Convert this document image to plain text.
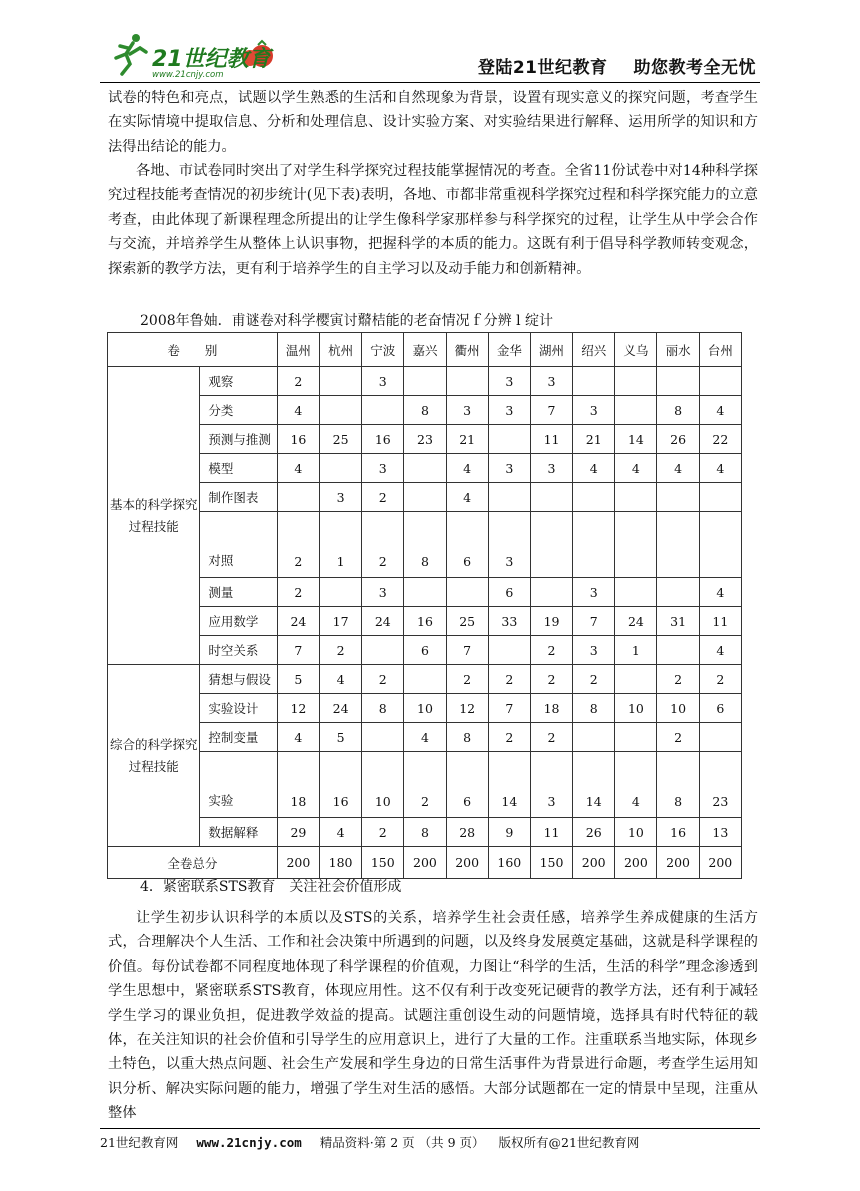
21世纪教育
www.21cnjy.com	登陆21世纪教育 助您教考全无忧

试卷的特色和亮点，试题以学生熟悉的生活和自然现象为背景，设置有现实意义的探究问题，考查学生在实际情境中提取信息、分析和处理信息、设计实验方案、对实验结果进行解释、运用所学的知识和方法得出结论的能力。

各地、市试卷同时突出了对学生科学探究过程技能掌握情况的考查。全省11份试卷中对14种科学探究过程技能考查情况的初步统计(见下表)表明，各地、市都非常重视科学探究过程和科学探究能力的立意考查，由此体现了新课程理念所提出的让学生像科学家那样参与科学探究的过程，让学生从中学会合作与交流，并培养学生从整体上认识事物，把握科学的本质的能力。这既有利于倡导科学教师转变观念，探索新的教学方法，更有利于培养学生的自主学习以及动手能力和创新精神。

2008年鲁妯．甫谜卷对科学樱寅讨鼘桔能的老奋情况ｆ分辨 l 绽计
卷　　别		温州	杭州	宁波	嘉兴	衢州	金华	湖州	绍兴	义乌	丽水	台州
基本的科学探究过程技能	观察	2		3			3	3				
	分类	4			8	3	3	7	3		8	4
	预测与推测	16	25	16	23	21		11	21	14	26	22
	模型	4		3		4	3	3	4	4	4	4
	制作图表		3	2		4						
	对照	2	1	2	8	6	3					
	测量	2		3			6		3			4
	应用数学	24	17	24	16	25	33	19	7	24	31	11
	时空关系	7	2		6	7		2	3	1		4
综合的科学探究过程技能	猜想与假设	5	4	2		2	2	2	2		2	2
	实验设计	12	24	8	10	12	7	18	8	10	10	6
	控制变量	4	5		4	8	2	2			2	
	实验	18	16	10	2	6	14	3	14	4	8	23
	数据解释	29	4	2	8	28	9	11	26	10	16	13
全卷总分		200	180	150	200	200	160	150	200	200	200	200
4．紧密联系STS教育　关注社会价值形成

让学生初步认识科学的本质以及STS的关系，培养学生社会责任感，培养学生养成健康的生活方式，合理解决个人生活、工作和社会决策中所遇到的问题，以及终身发展奠定基础，这就是科学课程的价值。每份试卷都不同程度地体现了科学课程的价值观，力图让“科学的生活，生活的科学”理念渗透到学生思想中，紧密联系STS教育，体现应用性。这不仅有利于改变死记硬背的教学方法，还有利于减轻学生学习的课业负担，促进教学效益的提高。试题注重创设生动的问题情境，选择具有时代特征的载体，在关注知识的社会价值和引导学生的应用意识上，进行了大量的工作。注重联系当地实际，体现乡土特色，以重大热点问题、社会生产发展和学生身边的日常生活事件为背景进行命题，考查学生运用知识分析、解决实际问题的能力，增强了学生对生活的感悟。大部分试题都在一定的情景中呈现，注重从整体

21世纪教育网 www.21cnjy.com 精品资料·第 2 页 （共 9 页） 版权所有@21世纪教育网
